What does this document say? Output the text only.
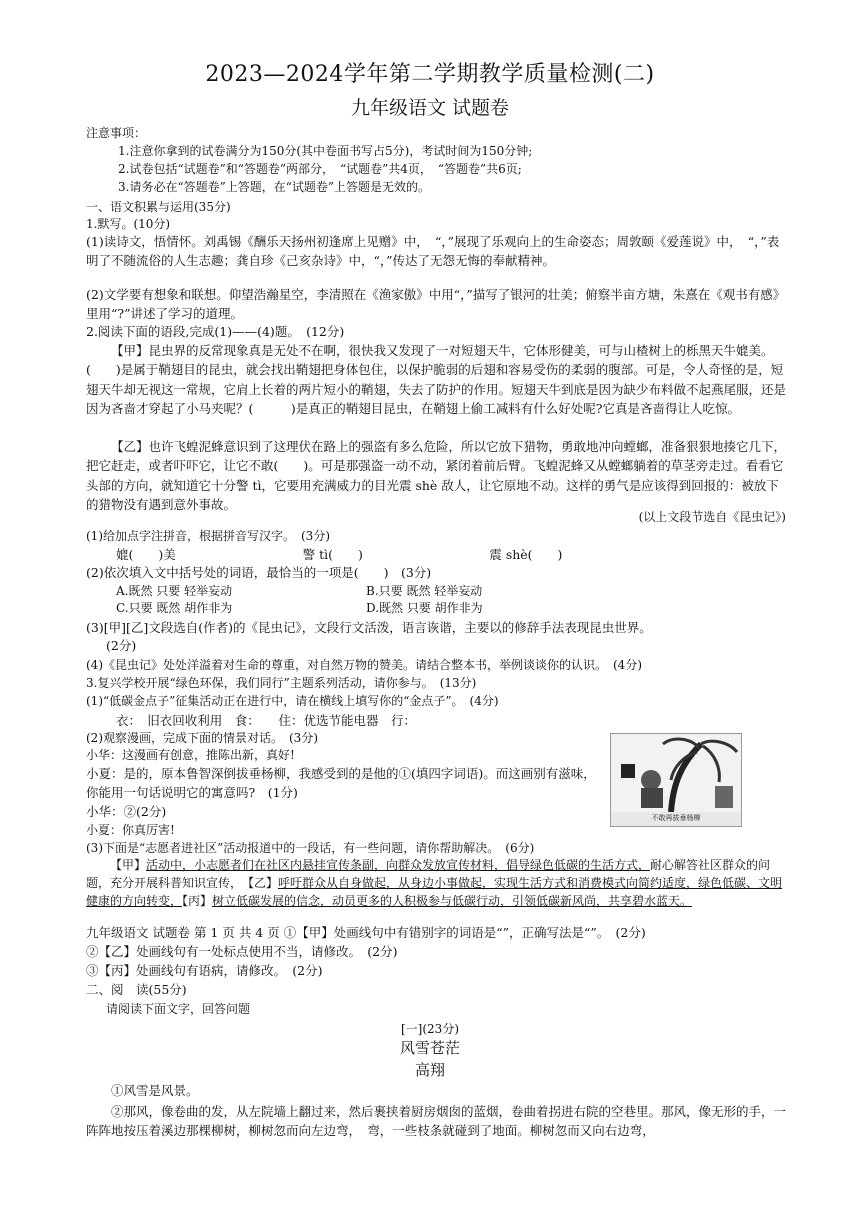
2023—2024学年第二学期教学质量检测(二)
九年级语文 试题卷
注意事项：
1.注意你拿到的试卷满分为150分(其中卷面书写占5分)，考试时间为150分钟;
2.试卷包括“试题卷”和“答题卷”两部分，　“试题卷”共4页，　“答题卷”共6页;
3.请务必在“答题卷”上答题，在“试题卷”上答题是无效的。
一、语文积累与运用(35分)
1.默写。(10分)
(1)读诗文，悟情怀。刘禹锡《酬乐天扬州初逢席上见赠》中，　“，”展现了乐观向上的生命姿态；周敦颐《爱莲说》中，　“，”表明了不随流俗的人生志趣；龚自珍《己亥杂诗》中，“，”传达了无怨无悔的奉献精神。
(2)文学要有想象和联想。仰望浩瀚星空，李清照在《渔家傲》中用“，”描写了银河的壮美；俯察半亩方塘，朱熹在《观书有感》里用“?”讲述了学习的道理。
2.阅读下面的语段,完成(1)——(4)题。　(12分)
【甲】昆虫界的反常现象真是无处不在啊，很快我又发现了一对短翅天牛，它体形健美，可与山楂树上的栎黑天牛媲美。　(　　)是属于鞘翅目的昆虫，就会找出鞘翅把身体包住，以保护脆弱的后翅和容易受伤的柔弱的腹部。可是，令人奇怪的是，短翅天牛却无视这一常规，它肩上长着的两片短小的鞘翅，失去了防护的作用。短翅天牛到底是因为缺少布料做不起燕尾服，还是因为吝啬才穿起了小马夹呢？(　　　)是真正的鞘翅目昆虫，在鞘翅上偷工减料有什么好处呢?它真是吝啬得让人吃惊。
【乙】也许飞蝗泥蜂意识到了这理伏在路上的强盗有多么危险，所以它放下猎物，勇敢地冲向螳螂，准备狠狠地揍它几下，把它赶走，或者吓吓它，让它不敢(　　)。可是那强盗一动不动，紧闭着前后臂。飞蝗泥蜂又从螳螂躺着的草茎旁走过。看看它头部的方向，就知道它十分警 tì，它要用充满威力的目光震 shè 敌人，让它原地不动。这样的勇气是应该得到回报的：被放下的猎物没有遇到意外事故。
(以上文段节选自《昆虫记》)
(1)给加点字注拼音，根据拼音写汉字。　(3分)
媲(　　)美	警 tì(　　)	震 shè(　　)
(2)依次填入文中括号处的词语，最恰当的一项是(　　)　(3分)
A.既然 只要 轻举妄动	B.只要 既然 轻举妄动
C.只要 既然 胡作非为	D.既然 只要 胡作非为
(3)[甲][乙]文段选自(作者)的《昆虫记》，文段行文活泼，语言诙谐，主要以的修辞手法表现昆虫世界。
(2分)
(4)《昆虫记》处处洋溢着对生命的尊重，对自然万物的赞美。请结合整本书，举例谈谈你的认识。　(4分)
3.复兴学校开展“绿色环保，我们同行”主题系列活动，请你参与。　(13分)
(1)“低碳金点子”征集活动正在进行中，请在横线上填写你的“金点子”。　(4分)
衣：　旧衣回收利用　食：　　住：优选节能电器　行：
(2)观察漫画，完成下面的情景对话。　(3分)
小华：这漫画有创意，推陈出新，真好!
小夏：是的，原本鲁智深倒拔垂杨柳，我感受到的是他的①(填四字词语)。而这画别有滋味，你能用一句话说明它的寓意吗?　(1分)
小华：②(2分)
小夏：你真厉害!
不敢再拔垂杨柳
(3)下面是“志愿者进社区”活动报道中的一段话，有一些问题，请你帮助解决。　(6分)
【甲】活动中，小志愿者们在社区内悬挂宣传条副，向群众发放宣传材料，倡导绿色低碳的生活方式，耐心解答社区群众的问题，充分开展科普知识宣传，　【乙】呼吁群众从自身做起，从身边小事做起，实现生活方式和消费模式向简约适度，绿色低碳、文明健康的方向转变，【丙】树立低碳发展的信念，动员更多的人积极参与低碳行动，引领低碳新风尚，共享碧水蓝天。
九年级语文 试题卷 第 1 页 共 4 页 ①【甲】处画线句中有错别字的词语是“”，正确写法是“”。　(2分)
②【乙】处画线句有一处标点使用不当，请修改。　(2分)
③【丙】处画线句有语病，请修改。　(2分)
二、阅　读(55分)
请阅读下面文字，回答问题
[一](23分)
风雪苍茫
高翔
①风雪是风景。
②那风，像卷曲的发，从左院墙上翻过来，然后裹挟着厨房烟囱的蓝烟，卷曲着拐进右院的空巷里。那风，像无形的手，一阵阵地按压着溪边那棵柳树，柳树忽而向左边弯，　弯，一些枝条就碰到了地面。柳树忽而又向右边弯，
